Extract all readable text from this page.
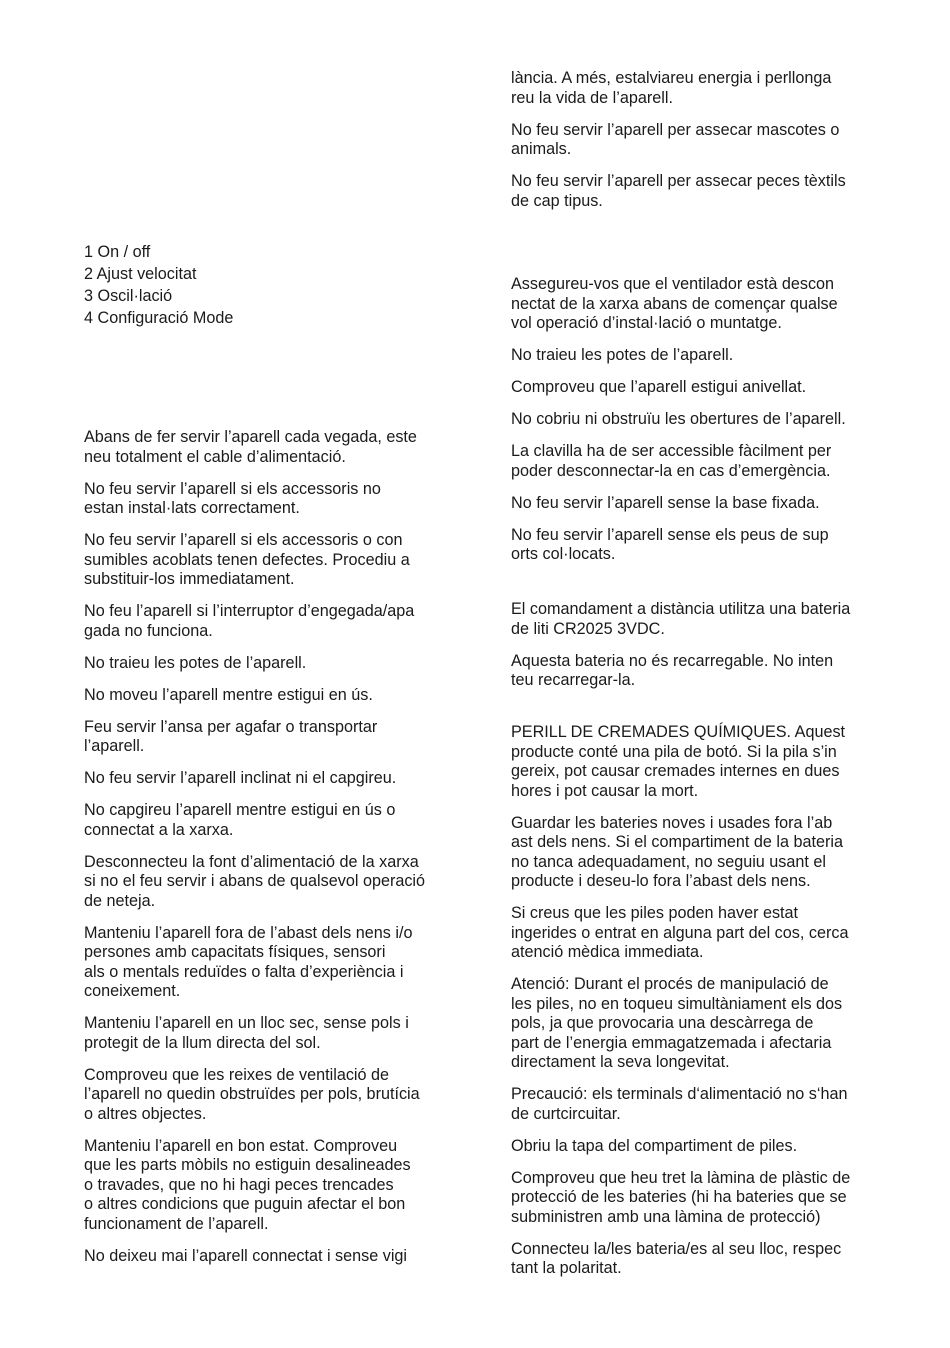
1 On / off
2 Ajust velocitat
3 Oscil·lació
4 Configuració Mode

Abans de fer servir l’aparell cada vegada, este
neu totalment el cable d’alimentació.

No feu servir l’aparell si els accessoris no
estan instal·lats correctament.

No feu servir l’aparell si els accessoris o con
sumibles acoblats tenen defectes. Procediu a
substituir-los immediatament.

No feu l’aparell si l’interruptor d’engegada/apa
gada no funciona.

No traieu les potes de l’aparell.

No moveu l’aparell mentre estigui en ús.

Feu servir l’ansa per agafar o transportar
l’aparell.

No feu servir l’aparell inclinat ni el capgireu.

No capgireu l’aparell mentre estigui en ús o
connectat a la xarxa.

Desconnecteu la font d’alimentació de la xarxa
si no el feu servir i abans de qualsevol operació
de neteja.

Manteniu l’aparell fora de l’abast dels nens i/o
persones amb capacitats físiques, sensori
als o mentals reduïdes o falta d’experiència i
coneixement.

Manteniu l’aparell en un lloc sec, sense pols i
protegit de la llum directa del sol.

Comproveu que les reixes de ventilació de
l’aparell no quedin obstruïdes per pols, brutícia
o altres objectes.

Manteniu l’aparell en bon estat. Comproveu
que les parts mòbils no estiguin desalineades
o travades, que no hi hagi peces trencades
o altres condicions que puguin afectar el bon
funcionament de l’aparell.

No deixeu mai l’aparell connectat i sense vigi

lància. A més, estalviareu energia i perllonga
reu la vida de l’aparell.

No feu servir l’aparell per assecar mascotes o
animals.

No feu servir l’aparell per assecar peces tèxtils
de cap tipus.

Assegureu-vos que el ventilador està descon
nectat de la xarxa abans de començar qualse
vol operació d’instal·lació o muntatge.

No traieu les potes de l’aparell.

Comproveu que l’aparell estigui anivellat.

No cobriu ni obstruïu les obertures de l’aparell.

La clavilla ha de ser accessible fàcilment per
poder desconnectar-la en cas d’emergència.

No feu servir l’aparell sense la base fixada.

No feu servir l’aparell sense els peus de sup
orts col·locats.

El comandament a distància utilitza una bateria
de liti CR2025 3VDC.

Aquesta bateria no és recarregable. No inten
teu recarregar-la.

PERILL DE CREMADES QUÍMIQUES. Aquest
producte conté una pila de botó. Si la pila s’in
gereix, pot causar cremades internes en dues
hores i pot causar la mort.

Guardar les bateries noves i usades fora l’ab
ast dels nens. Si el compartiment de la bateria
no tanca adequadament, no seguiu usant el
producte i deseu-lo fora l’abast dels nens.

Si creus que les piles poden haver estat
ingerides o entrat en alguna part del cos, cerca
atenció mèdica immediata.

Atenció: Durant el procés de manipulació de
les piles, no en toqueu simultàniament els dos
pols, ja que provocaria una descàrrega de
part de l’energia emmagatzemada i afectaria
directament la seva longevitat.

Precaució: els terminals d‘alimentació no s‘han
de curtcircuitar.

Obriu la tapa del compartiment de piles.

Comproveu que heu tret la làmina de plàstic de
protecció de les bateries (hi ha bateries que se
subministren amb una làmina de protecció)

Connecteu la/les bateria/es al seu lloc, respec
tant la polaritat.
